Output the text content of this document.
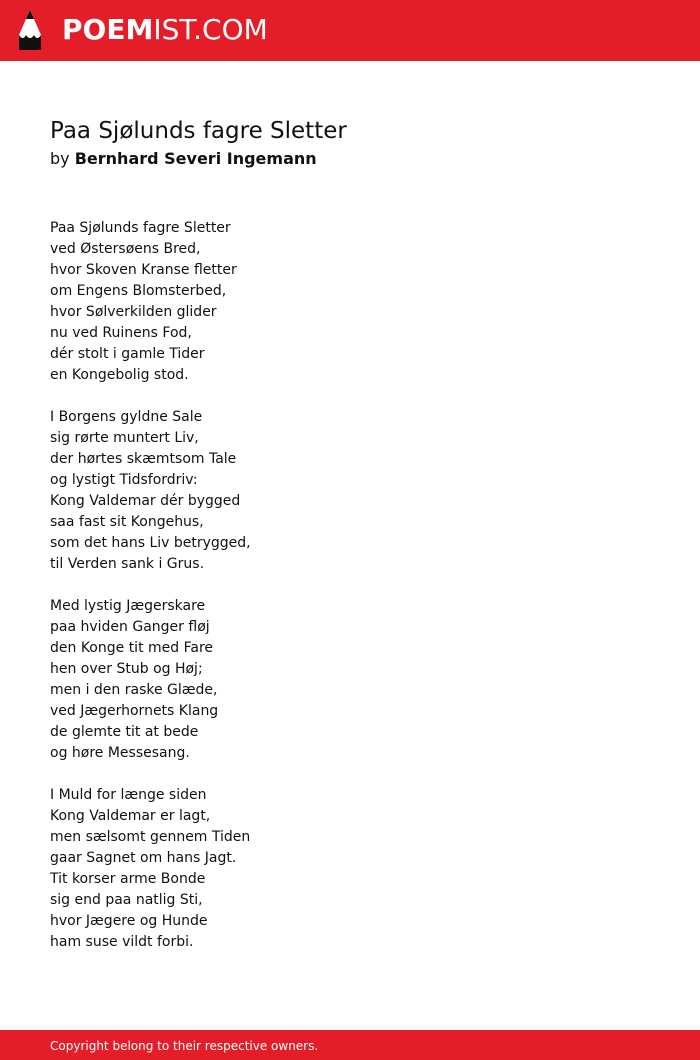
POEMIST.COM
Paa Sjølunds fagre Sletter
by Bernhard Severi Ingemann
Paa Sjølunds fagre Sletter
ved Østersøens Bred,
hvor Skoven Kranse fletter
om Engens Blomsterbed,
hvor Sølverkilden glider
nu ved Ruinens Fod,
dér stolt i gamle Tider
en Kongebolig stod.
I Borgens gyldne Sale
sig rørte muntert Liv,
der hørtes skæmtsom Tale
og lystigt Tidsfordriv:
Kong Valdemar dér bygged
saa fast sit Kongehus,
som det hans Liv betrygged,
til Verden sank i Grus.
Med lystig Jægerskare
paa hviden Ganger fløj
den Konge tit med Fare
hen over Stub og Høj;
men i den raske Glæde,
ved Jægerhornets Klang
de glemte tit at bede
og høre Messesang.
I Muld for længe siden
Kong Valdemar er lagt,
men sælsomt gennem Tiden
gaar Sagnet om hans Jagt.
Tit korser arme Bonde
sig end paa natlig Sti,
hvor Jægere og Hunde
ham suse vildt forbi.
Copyright belong to their respective owners.
